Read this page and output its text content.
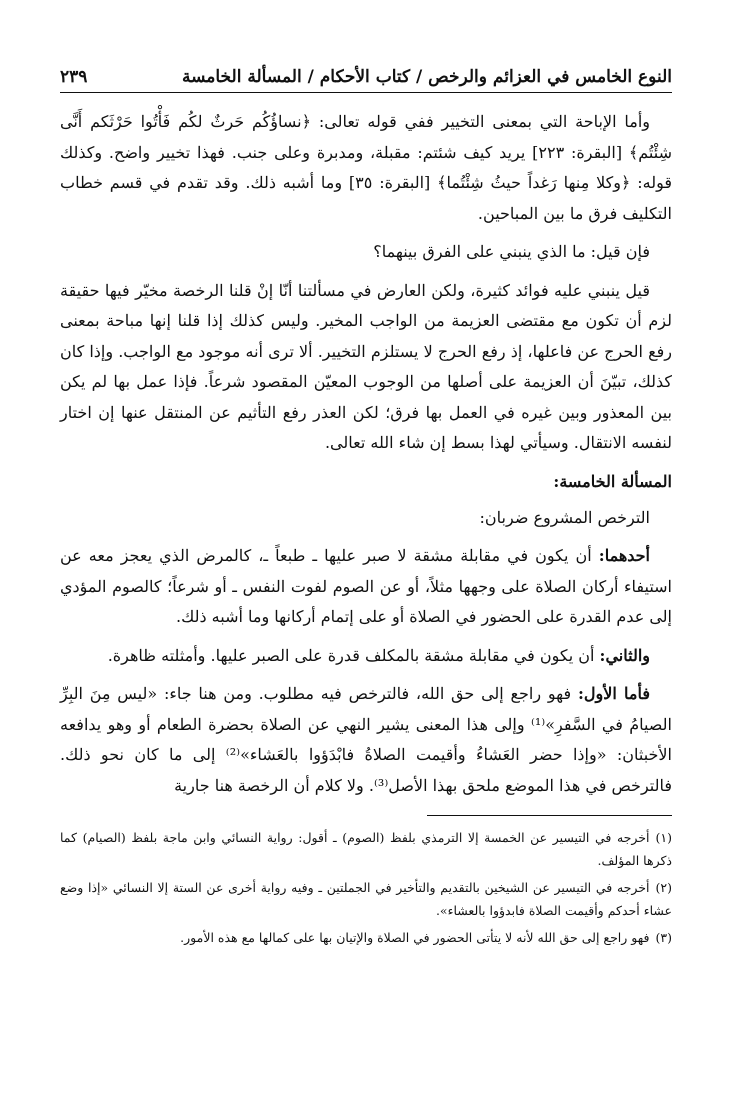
النوع الخامس في العزائم والرخص / كتاب الأحكام / المسألة الخامسة
٢٣٩

وأما الإباحة التي بمعنى التخيير ففي قوله تعالى: ﴿نساؤُكُم حَرثٌ لكُم فَأْتُوا حَرْثَكم أَنَّى شِئْتُم﴾ [البقرة: ٢٢٣] يريد كيف شئتم: مقبلة، ومدبرة وعلى جنب. فهذا تخيير واضح. وكذلك قوله: ﴿وكلا مِنها رَغداً حيثُ شِئْتُما﴾ [البقرة: ٣٥] وما أشبه ذلك. وقد تقدم في قسم خطاب التكليف فرق ما بين المباحين.

فإن قيل: ما الذي ينبني على الفرق بينهما؟

قيل ينبني عليه فوائد كثيرة، ولكن العارض في مسألتنا أنّا إنْ قلنا الرخصة مخيّر فيها حقيقة لزم أن تكون مع مقتضى العزيمة من الواجب المخير. وليس كذلك إذا قلنا إنها مباحة بمعنى رفع الحرج عن فاعلها، إذ رفع الحرج لا يستلزم التخيير. ألا ترى أنه موجود مع الواجب. وإذا كان كذلك، تبيّنَ أن العزيمة على أصلها من الوجوب المعيّن المقصود شرعاً. فإذا عمل بها لم يكن بين المعذور وبين غيره في العمل بها فرق؛ لكن العذر رفع التأثيم عن المنتقل عنها إن اختار لنفسه الانتقال. وسيأتي لهذا بسط إن شاء الله تعالى.

المسألة الخامسة:

الترخص المشروع ضربان:

أحدهما: أن يكون في مقابلة مشقة لا صبر عليها ـ طبعاً ـ، كالمرض الذي يعجز معه عن استيفاء أركان الصلاة على وجهها مثلاً، أو عن الصوم لفوت النفس ـ أو شرعاً؛ كالصوم المؤدي إلى عدم القدرة على الحضور في الصلاة أو على إتمام أركانها وما أشبه ذلك.

والثاني: أن يكون في مقابلة مشقة بالمكلف قدرة على الصبر عليها. وأمثلته ظاهرة.

فأما الأول: فهو راجع إلى حق الله، فالترخص فيه مطلوب. ومن هنا جاء: «ليس مِنَ البِرِّ الصيامُ في السَّفرِ»⁽¹⁾ وإلى هذا المعنى يشير النهي عن الصلاة بحضرة الطعام أو وهو يدافعه الأخبثان: «وإذا حضر العَشاءُ وأقيمت الصلاةُ فابْدَؤوا بالعَشاء»⁽²⁾ إلى ما كان نحو ذلك. فالترخص في هذا الموضع ملحق بهذا الأصل⁽³⁾. ولا كلام أن الرخصة هنا جارية

(١)أخرجه في التيسير عن الخمسة إلا الترمذي بلفظ (الصوم) ـ أقول: رواية النسائي وابن ماجة بلفظ (الصيام) كما ذكرها المؤلف.

(٢)أخرجه في التيسير عن الشيخين بالتقديم والتأخير في الجملتين ـ وفيه رواية أخرى عن الستة إلا النسائي «إذا وضع عشاء أحدكم وأقيمت الصلاة فابدؤوا بالعشاء».

(٣)فهو راجع إلى حق الله لأنه لا يتأتى الحضور في الصلاة والإتيان بها على كمالها مع هذه الأمور.
